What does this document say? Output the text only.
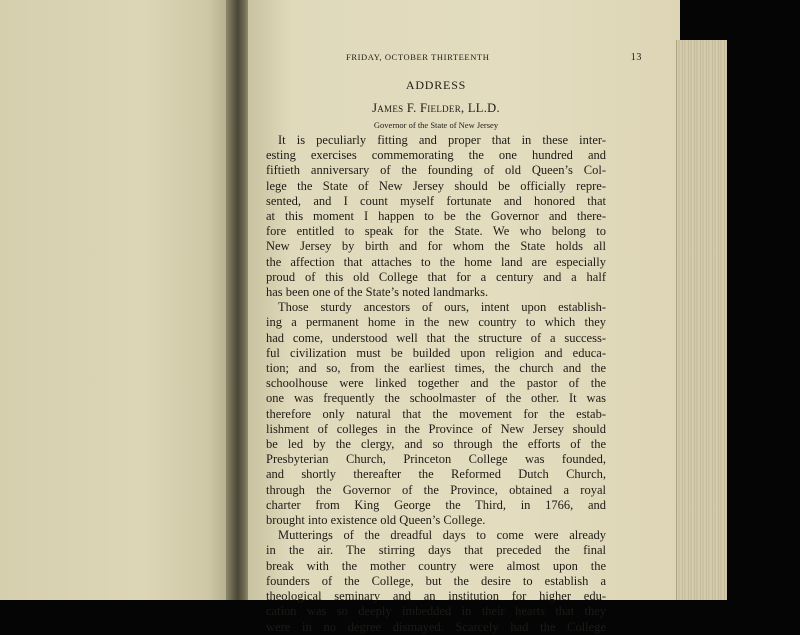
FRIDAY, OCTOBER THIRTEENTH	13
ADDRESS
James F. Fielder, LL.D.
Governor of the State of New Jersey
It is peculiarly fitting and proper that in these inter-
esting exercises commemorating the one hundred and
fiftieth anniversary of the founding of old Queen’s Col-
lege the State of New Jersey should be officially repre-
sented, and I count myself fortunate and honored that
at this moment I happen to be the Governor and there-
fore entitled to speak for the State. We who belong to
New Jersey by birth and for whom the State holds all
the affection that attaches to the home land are especially
proud of this old College that for a century and a half
has been one of the State’s noted landmarks.
Those sturdy ancestors of ours, intent upon establish-
ing a permanent home in the new country to which they
had come, understood well that the structure of a success-
ful civilization must be builded upon religion and educa-
tion; and so, from the earliest times, the church and the
schoolhouse were linked together and the pastor of the
one was frequently the schoolmaster of the other. It was
therefore only natural that the movement for the estab-
lishment of colleges in the Province of New Jersey should
be led by the clergy, and so through the efforts of the
Presbyterian Church, Princeton College was founded,
and shortly thereafter the Reformed Dutch Church,
through the Governor of the Province, obtained a royal
charter from King George the Third, in 1766, and
brought into existence old Queen’s College.
Mutterings of the dreadful days to come were already
in the air. The stirring days that preceded the final
break with the mother country were almost upon the
founders of the College, but the desire to establish a
theological seminary and an institution for higher edu-
cation was so deeply imbedded in their hearts that they
were in no degree dismayed. Scarcely had the College
